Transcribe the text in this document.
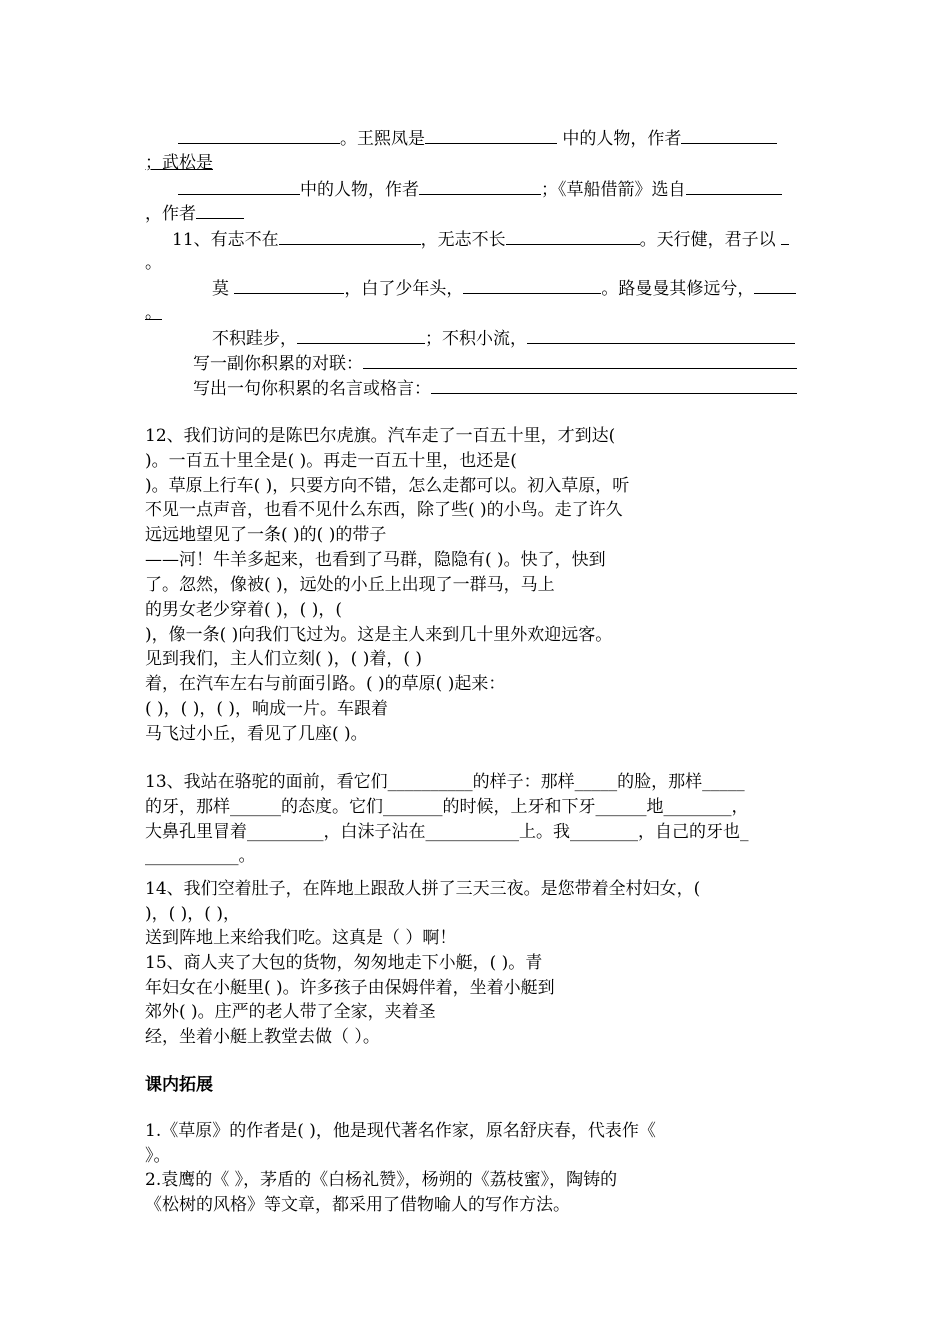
。王熙凤是	中的人物，作者
；武松是
中的人物，作者	；《草船借箭》选自
，作者
11、有志不在	，无志不长	。天行健，君子以
。
莫	，白了少年头，	。路曼曼其修远兮，
。
不积跬步，	；不积小流，
写一副你积累的对联：
写出一句你积累的名言或格言：
12、我们访问的是陈巴尔虎旗。汽车走了一百五十里，才到达(
)。一百五十里全是( )。再走一百五十里，也还是(
)。草原上行车( )，只要方向不错，怎么走都可以。初入草原，听
不见一点声音，也看不见什么东西，除了些( )的小鸟。走了许久
远远地望见了一条( )的( )的带子
——河！牛羊多起来，也看到了马群，隐隐有( )。快了，快到
了。忽然，像被( )，远处的小丘上出现了一群马，马上
的男女老少穿着( )，( )，(
)，像一条( )向我们飞过为。这是主人来到几十里外欢迎远客。
见到我们，主人们立刻( )，( )着，( )
着，在汽车左右与前面引路。( )的草原( )起来：
( )，( )，( )，响成一片。车跟着
马飞过小丘，看见了几座( )。
13、我站在骆驼的面前，看它们__________的样子：那样_____的脸，那样_____
的牙，那样______的态度。它们_______的时候，上牙和下牙______地________，
大鼻孔里冒着_________，白沫子沾在___________上。我________，自己的牙也_
___________。
14、我们空着肚子，在阵地上跟敌人拼了三天三夜。是您带着全村妇女，(
)，( )，( )，
送到阵地上来给我们吃。这真是（ ）啊！
15、商人夹了大包的货物，匆匆地走下小艇，( )。青
年妇女在小艇里( )。许多孩子由保姆伴着，坐着小艇到
郊外( )。庄严的老人带了全家，夹着圣
经，坐着小艇上教堂去做（ ）。
课内拓展
1.《草原》的作者是( )，他是现代著名作家，原名舒庆春，代表作《
》。
2.袁鹰的《 》，茅盾的《白杨礼赞》，杨朔的《荔枝蜜》，陶铸的
《松树的风格》等文章，都采用了借物喻人的写作方法。
